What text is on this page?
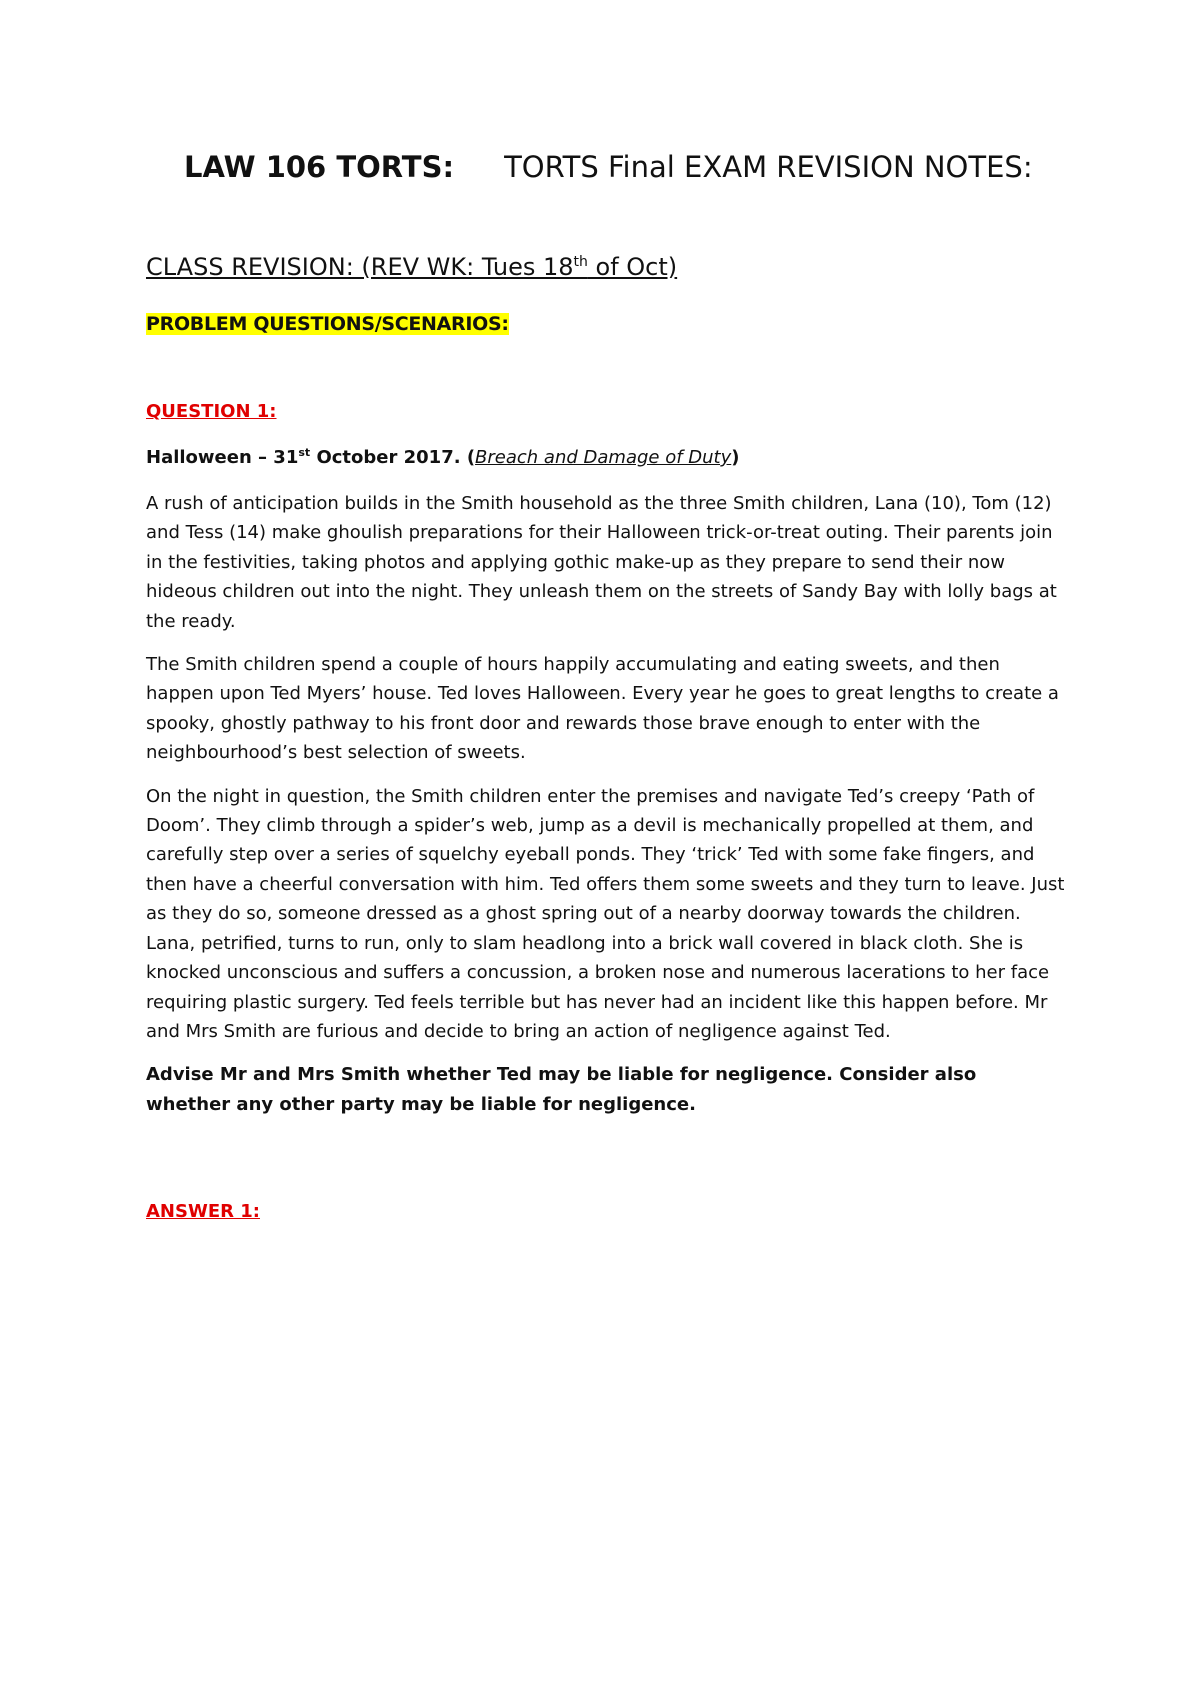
LAW 106 TORTS: TORTS Final EXAM REVISION NOTES:
CLASS REVISION: (REV WK: Tues 18th of Oct)
PROBLEM QUESTIONS/SCENARIOS:
QUESTION 1:
Halloween – 31st October 2017. (Breach and Damage of Duty)

A rush of anticipation builds in the Smith household as the three Smith children, Lana (10), Tom (12) and Tess (14) make ghoulish preparations for their Halloween trick-or-treat outing. Their parents join in the festivities, taking photos and applying gothic make-up as they prepare to send their now hideous children out into the night. They unleash them on the streets of Sandy Bay with lolly bags at the ready.

The Smith children spend a couple of hours happily accumulating and eating sweets, and then happen upon Ted Myers’ house. Ted loves Halloween. Every year he goes to great lengths to create a spooky, ghostly pathway to his front door and rewards those brave enough to enter with the neighbourhood’s best selection of sweets.

On the night in question, the Smith children enter the premises and navigate Ted’s creepy ‘Path of Doom’. They climb through a spider’s web, jump as a devil is mechanically propelled at them, and carefully step over a series of squelchy eyeball ponds. They ‘trick’ Ted with some fake fingers, and then have a cheerful conversation with him. Ted offers them some sweets and they turn to leave. Just as they do so, someone dressed as a ghost spring out of a nearby doorway towards the children. Lana, petrified, turns to run, only to slam headlong into a brick wall covered in black cloth. She is knocked unconscious and suffers a concussion, a broken nose and numerous lacerations to her face requiring plastic surgery. Ted feels terrible but has never had an incident like this happen before. Mr and Mrs Smith are furious and decide to bring an action of negligence against Ted.

Advise Mr and Mrs Smith whether Ted may be liable for negligence. Consider also whether any other party may be liable for negligence.

ANSWER 1:
